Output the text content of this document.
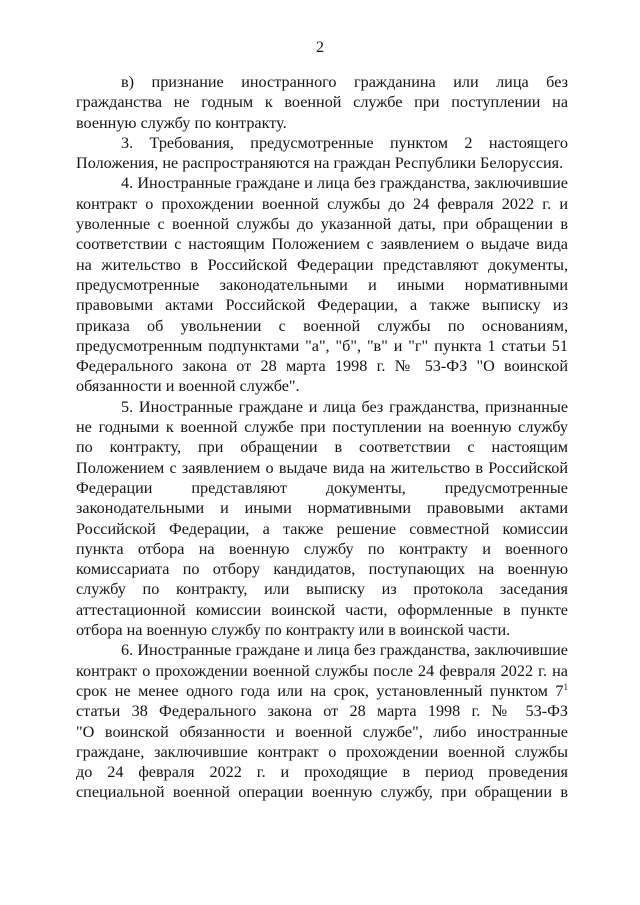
2

в) признание иностранного гражданина или лица без
гражданства не годным к военной службе при поступлении на
военную службу по контракту.

3. Требования, предусмотренные пунктом 2 настоящего
Положения, не распространяются на граждан Республики Белоруссия.

4. Иностранные граждане и лица без гражданства, заключившие
контракт о прохождении военной службы до 24 февраля 2022 г. и
уволенные с военной службы до указанной даты, при обращении в
соответствии с настоящим Положением с заявлением о выдаче вида
на жительство в Российской Федерации представляют документы,
предусмотренные законодательными и иными нормативными
правовыми актами Российской Федерации, а также выписку из
приказа об увольнении с военной службы по основаниям,
предусмотренным подпунктами "а", "б", "в" и "г" пункта 1 статьи 51
Федерального закона от 28 марта 1998 г. № 53-ФЗ "О воинской
обязанности и военной службе".

5. Иностранные граждане и лица без гражданства, признанные
не годными к военной службе при поступлении на военную службу
по контракту, при обращении в соответствии с настоящим
Положением с заявлением о выдаче вида на жительство в Российской
Федерации представляют документы, предусмотренные
законодательными и иными нормативными правовыми актами
Российской Федерации, а также решение совместной комиссии
пункта отбора на военную службу по контракту и военного
комиссариата по отбору кандидатов, поступающих на военную
службу по контракту, или выписку из протокола заседания
аттестационной комиссии воинской части, оформленные в пункте
отбора на военную службу по контракту или в воинской части.

6. Иностранные граждане и лица без гражданства, заключившие
контракт о прохождении военной службы после 24 февраля 2022 г. на
срок не менее одного года или на срок, установленный пунктом $7^1$
статьи 38 Федерального закона от 28 марта 1998 г. № 53-ФЗ
"О воинской обязанности и военной службе", либо иностранные
граждане, заключившие контракт о прохождении военной службы
до 24 февраля 2022 г. и проходящие в период проведения
специальной военной операции военную службу, при обращении в
